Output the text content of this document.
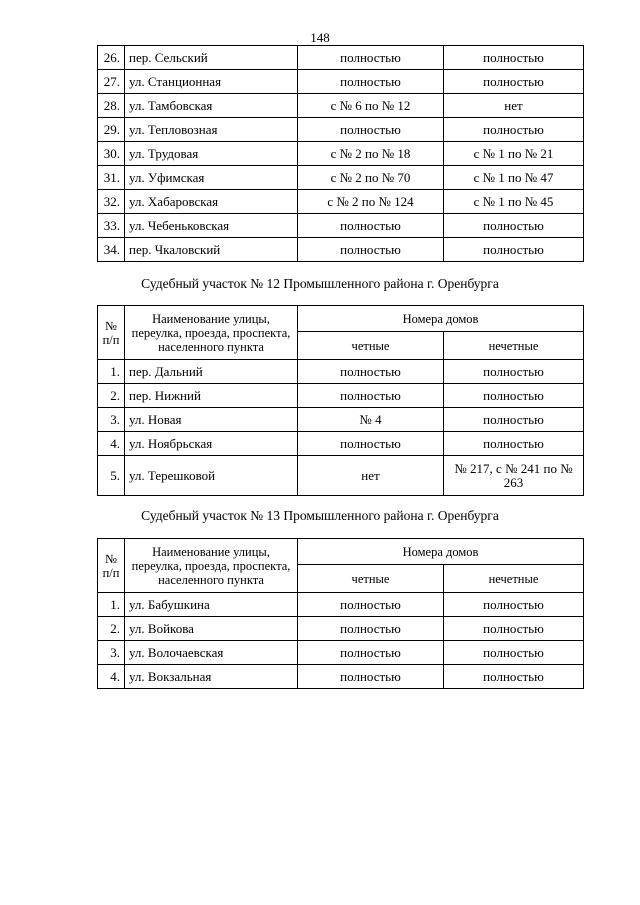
148
26.	пер. Сельский	полностью	полностью
27.	ул. Станционная	полностью	полностью
28.	ул. Тамбовская	с № 6 по № 12	нет
29.	ул. Тепловозная	полностью	полностью
30.	ул. Трудовая	с № 2 по № 18	с № 1 по № 21
31.	ул. Уфимская	с № 2 по № 70	с № 1 по № 47
32.	ул. Хабаровская	с № 2 по № 124	с № 1 по № 45
33.	ул. Чебеньковская	полностью	полностью
34.	пер. Чкаловский	полностью	полностью
Судебный участок № 12 Промышленного района г. Оренбурга
№ п/п	Наименование улицы, переулка, проезда, проспекта, населенного пункта	Номера домов	
		четные	нечетные
1.	пер. Дальний	полностью	полностью
2.	пер. Нижний	полностью	полностью
3.	ул. Новая	№ 4	полностью
4.	ул. Ноябрьская	полностью	полностью
5.	ул. Терешковой	нет	№ 217, с № 241 по № 263
Судебный участок № 13 Промышленного района г. Оренбурга
№ п/п	Наименование улицы, переулка, проезда, проспекта, населенного пункта	Номера домов	
		четные	нечетные
1.	ул. Бабушкина	полностью	полностью
2.	ул. Войкова	полностью	полностью
3.	ул. Волочаевская	полностью	полностью
4.	ул. Вокзальная	полностью	полностью
